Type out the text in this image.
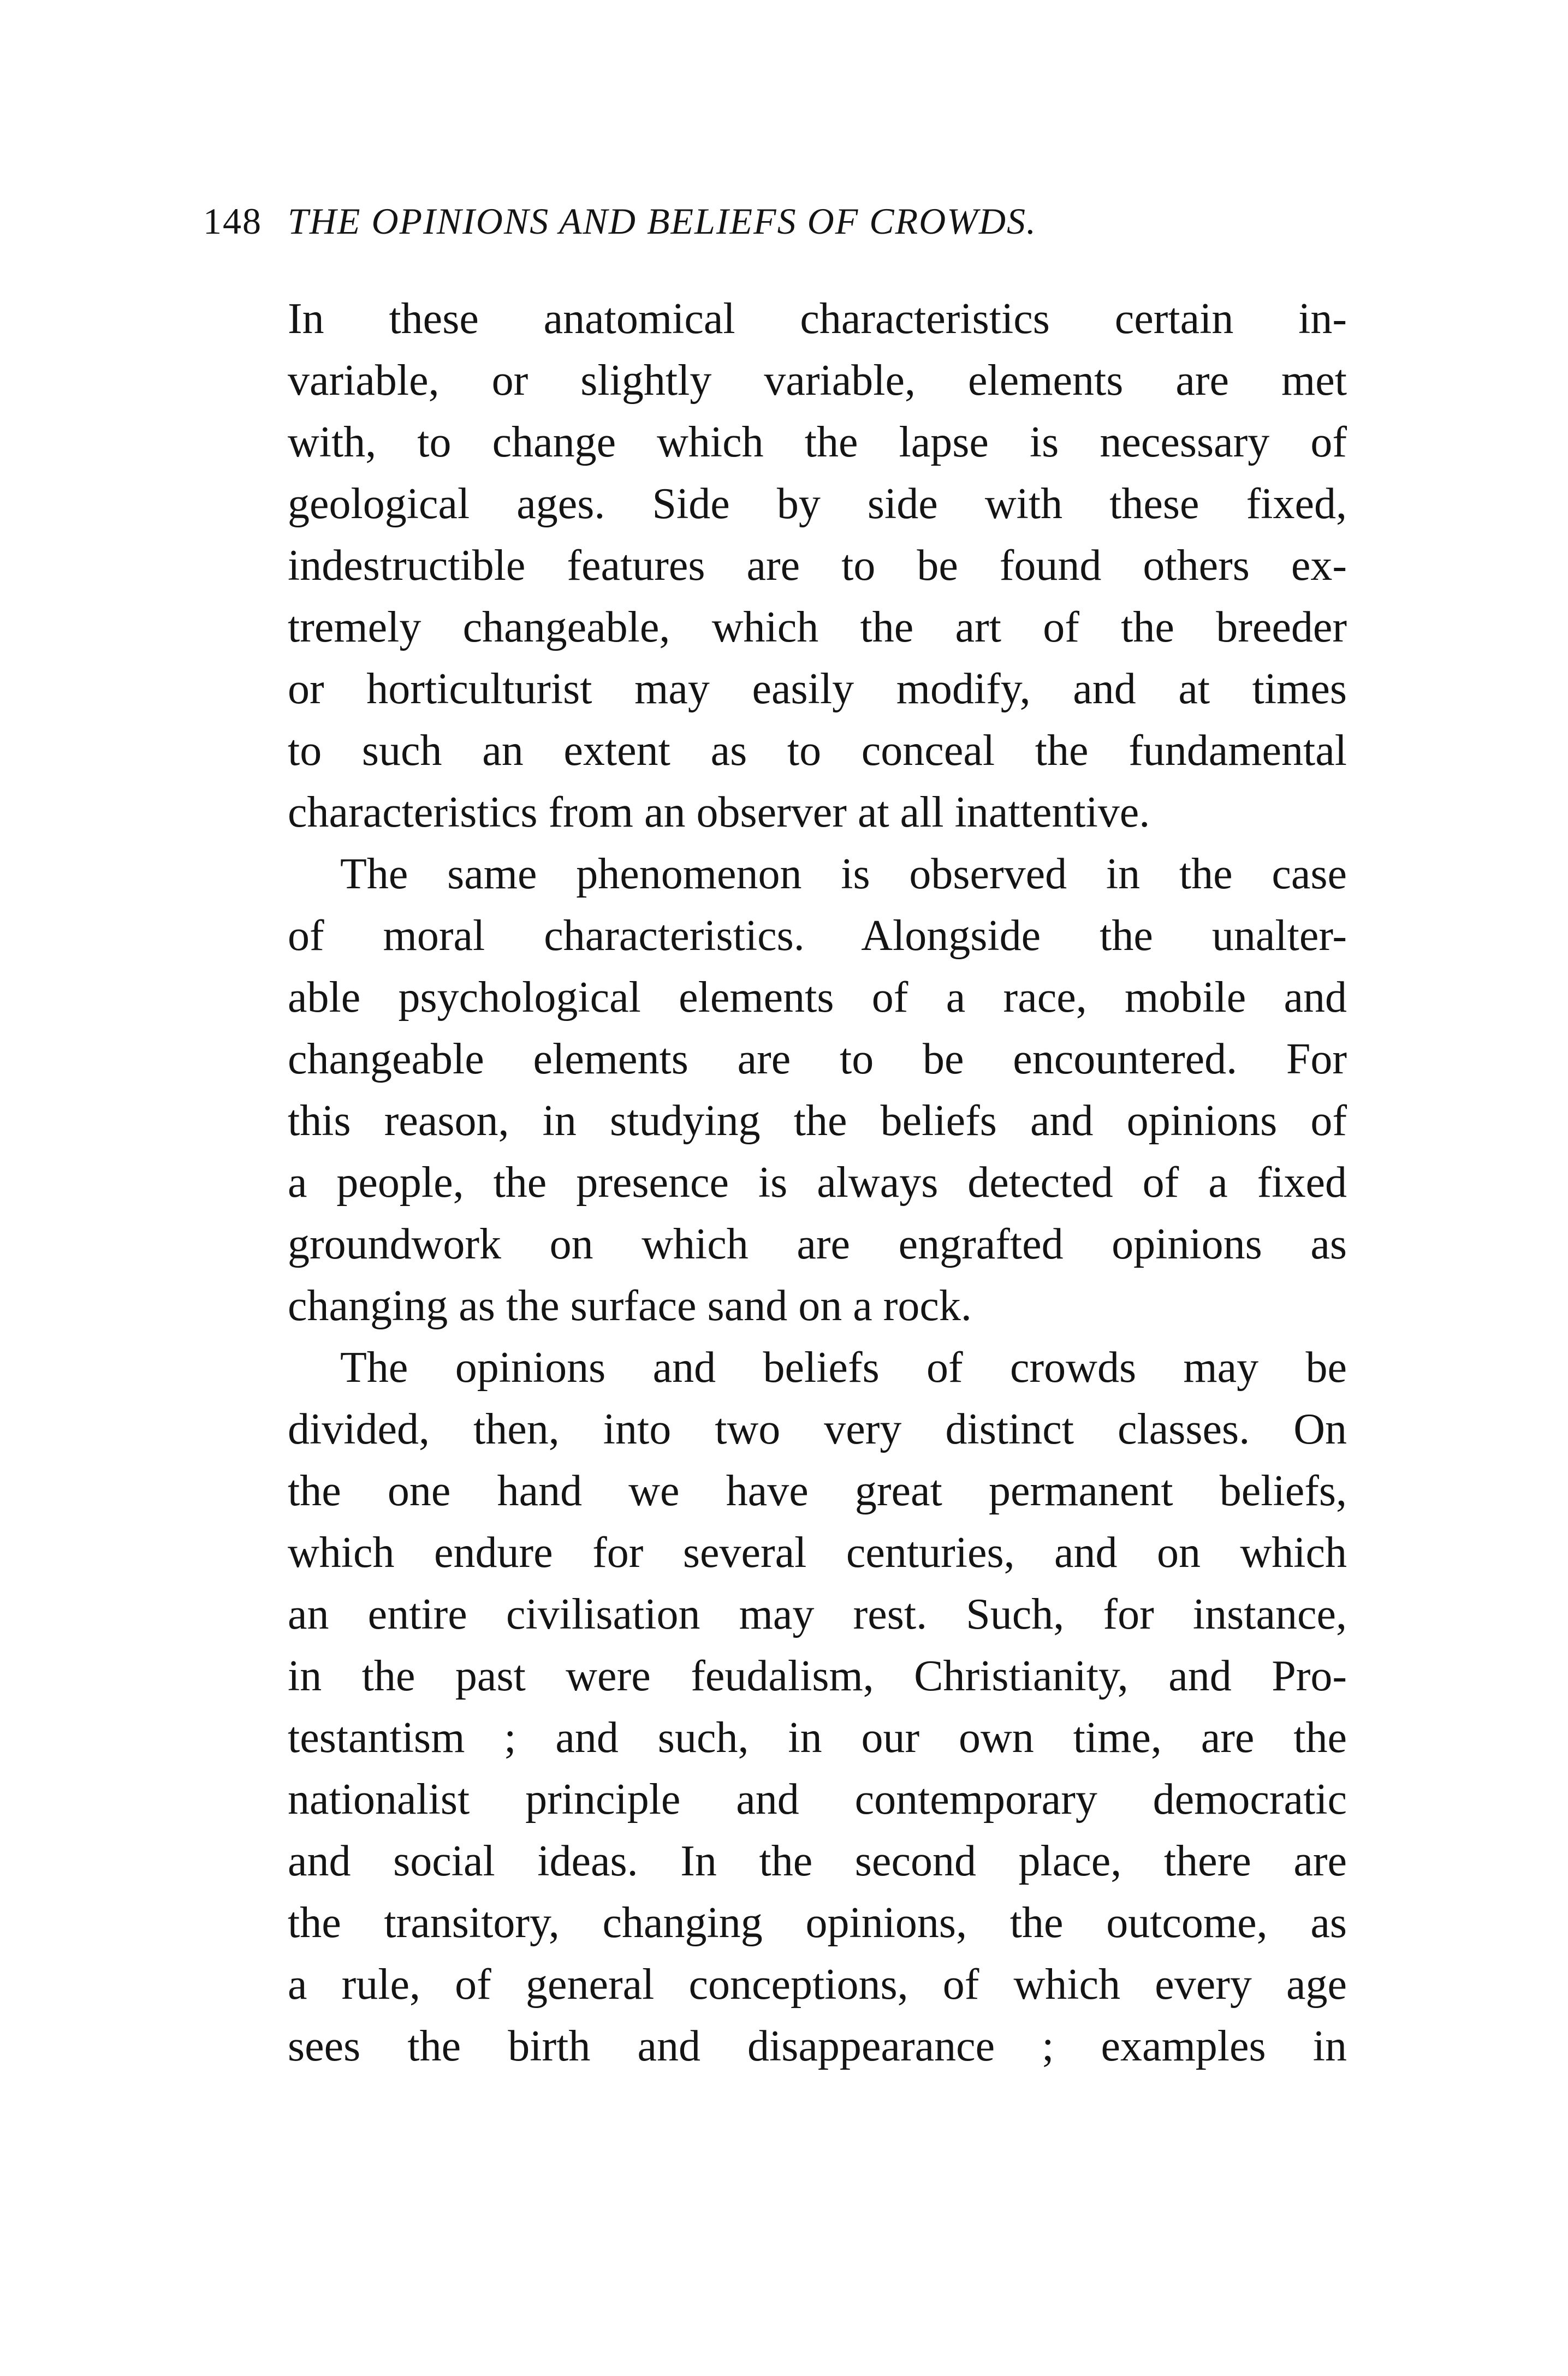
148 THE OPINIONS AND BELIEFS OF CROWDS.
In these anatomical characteristics certain in-
variable, or slightly variable, elements are met
with, to change which the lapse is necessary of
geological ages. Side by side with these fixed,
indestructible features are to be found others ex-
tremely changeable, which the art of the breeder
or horticulturist may easily modify, and at times
to such an extent as to conceal the fundamental
characteristics from an observer at all inattentive.
The same phenomenon is observed in the case
of moral characteristics. Alongside the unalter-
able psychological elements of a race, mobile and
changeable elements are to be encountered. For
this reason, in studying the beliefs and opinions of
a people, the presence is always detected of a fixed
groundwork on which are engrafted opinions as
changing as the surface sand on a rock.
The opinions and beliefs of crowds may be
divided, then, into two very distinct classes. On
the one hand we have great permanent beliefs,
which endure for several centuries, and on which
an entire civilisation may rest. Such, for instance,
in the past were feudalism, Christianity, and Pro-
testantism ; and such, in our own time, are the
nationalist principle and contemporary democratic
and social ideas. In the second place, there are
the transitory, changing opinions, the outcome, as
a rule, of general conceptions, of which every age
sees the birth and disappearance ; examples in
